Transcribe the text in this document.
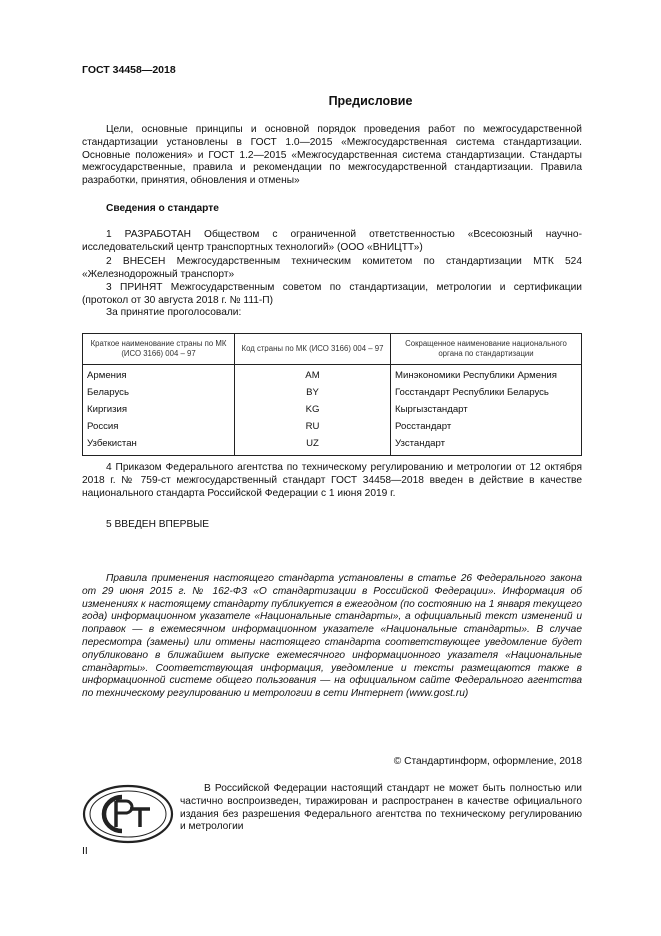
ГОСТ 34458—2018
Предисловие
Цели, основные принципы и основной порядок проведения работ по межгосударственной стандартизации установлены в ГОСТ 1.0—2015 «Межгосударственная система стандартизации. Основные положения» и ГОСТ 1.2—2015 «Межгосударственная система стандартизации. Стандарты межгосударственные, правила и рекомендации по межгосударственной стандартизации. Правила разработки, принятия, обновления и отмены»
Сведения о стандарте
1 РАЗРАБОТАН Обществом с ограниченной ответственностью «Всесоюзный научно-исследовательский центр транспортных технологий» (ООО «ВНИЦТТ»)
2 ВНЕСЕН Межгосударственным техническим комитетом по стандартизации МТК 524 «Железнодорожный транспорт»
3 ПРИНЯТ Межгосударственным советом по стандартизации, метрологии и сертификации (протокол от 30 августа 2018 г. № 111-П)
За принятие проголосовали:
Краткое наименование страны по МК (ИСО 3166) 004 – 97	Код страны по МК (ИСО 3166) 004 – 97	Сокращенное наименование национального органа по стандартизации
Армения	AM	Минэкономики Республики Армения
Беларусь	BY	Госстандарт Республики Беларусь
Киргизия	KG	Кыргызстандарт
Россия	RU	Росстандарт
Узбекистан	UZ	Узстандарт
4 Приказом Федерального агентства по техническому регулированию и метрологии от 12 октября 2018 г. № 759-ст межгосударственный стандарт ГОСТ 34458—2018 введен в действие в качестве национального стандарта Российской Федерации с 1 июня 2019 г.
5 ВВЕДЕН ВПЕРВЫЕ
Правила применения настоящего стандарта установлены в статье 26 Федерального закона от 29 июня 2015 г. № 162-ФЗ «О стандартизации в Российской Федерации». Информация об изменениях к настоящему стандарту публикуется в ежегодном (по состоянию на 1 января текущего года) информационном указателе «Национальные стандарты», а официальный текст изменений и поправок — в ежемесячном информационном указателе «Национальные стандарты». В случае пересмотра (замены) или отмены настоящего стандарта соответствующее уведомление будет опубликовано в ближайшем выпуске ежемесячного информационного указателя «Национальные стандарты». Соответствующая информация, уведомление и тексты размещаются также в информационной системе общего пользования — на официальном сайте Федерального агентства по техническому регулированию и метрологии в сети Интернет (www.gost.ru)
© Стандартинформ, оформление, 2018
В Российской Федерации настоящий стандарт не может быть полностью или частично воспроизведен, тиражирован и распространен в качестве официального издания без разрешения Федерального агентства по техническому регулированию и метрологии
II
